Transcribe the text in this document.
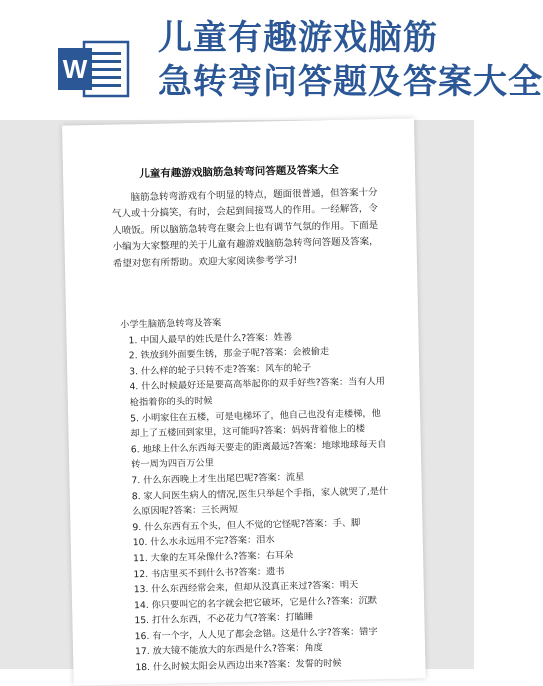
W
儿童有趣游戏脑筋
急转弯问答题及答案大全
儿童有趣游戏脑筋急转弯问答题及答案大全
脑筋急转弯游戏有个明显的特点，题面很普通，但答案十分气人或十分搞笑，有时，会起到间接骂人的作用。一经解答，令人喷饭。所以脑筋急转弯在聚会上也有调节气氛的作用。下面是小编为大家整理的关于儿童有趣游戏脑筋急转弯问答题及答案，希望对您有所帮助。欢迎大家阅读参考学习!
小学生脑筋急转弯及答案
1. 中国人最早的姓氏是什么?答案：姓善
2. 铁放到外面要生锈，那金子呢?答案：会被偷走
3. 什么样的轮子只转不走?答案：风车的轮子
4. 什么时候最好还是要高高举起你的双手好些?答案：当有人用枪指着你的头的时候
5. 小明家住在五楼，可是电梯坏了，他自己也没有走楼梯，他却上了五楼回到家里，这可能吗?答案：妈妈背着他上的楼
6. 地球上什么东西每天要走的距离最远?答案：地球地球每天自转一周为四百万公里
7. 什么东西晚上才生出尾巴呢?答案：流星
8. 家人问医生病人的情况,医生只举起个手指，家人就哭了,是什么原因呢?答案：三长两短
9. 什么东西有五个头，但人不觉的它怪呢?答案：手、脚
10. 什么水永远用不完?答案：泪水
11. 大象的左耳朵像什么?答案：右耳朵
12. 书店里买不到什么书?答案：遗书
13. 什么东西经常会来，但却从没真正来过?答案：明天
14. 你只要叫它的名字就会把它破坏，它是什么?答案：沉默
15. 打什么东西，不必花力气?答案：打瞌睡
16. 有一个字，人人见了都会念错。这是什么字?答案：错字
17. 放大镜不能放大的东西是什么?答案：角度
18. 什么时候太阳会从西边出来?答案：发誓的时候
